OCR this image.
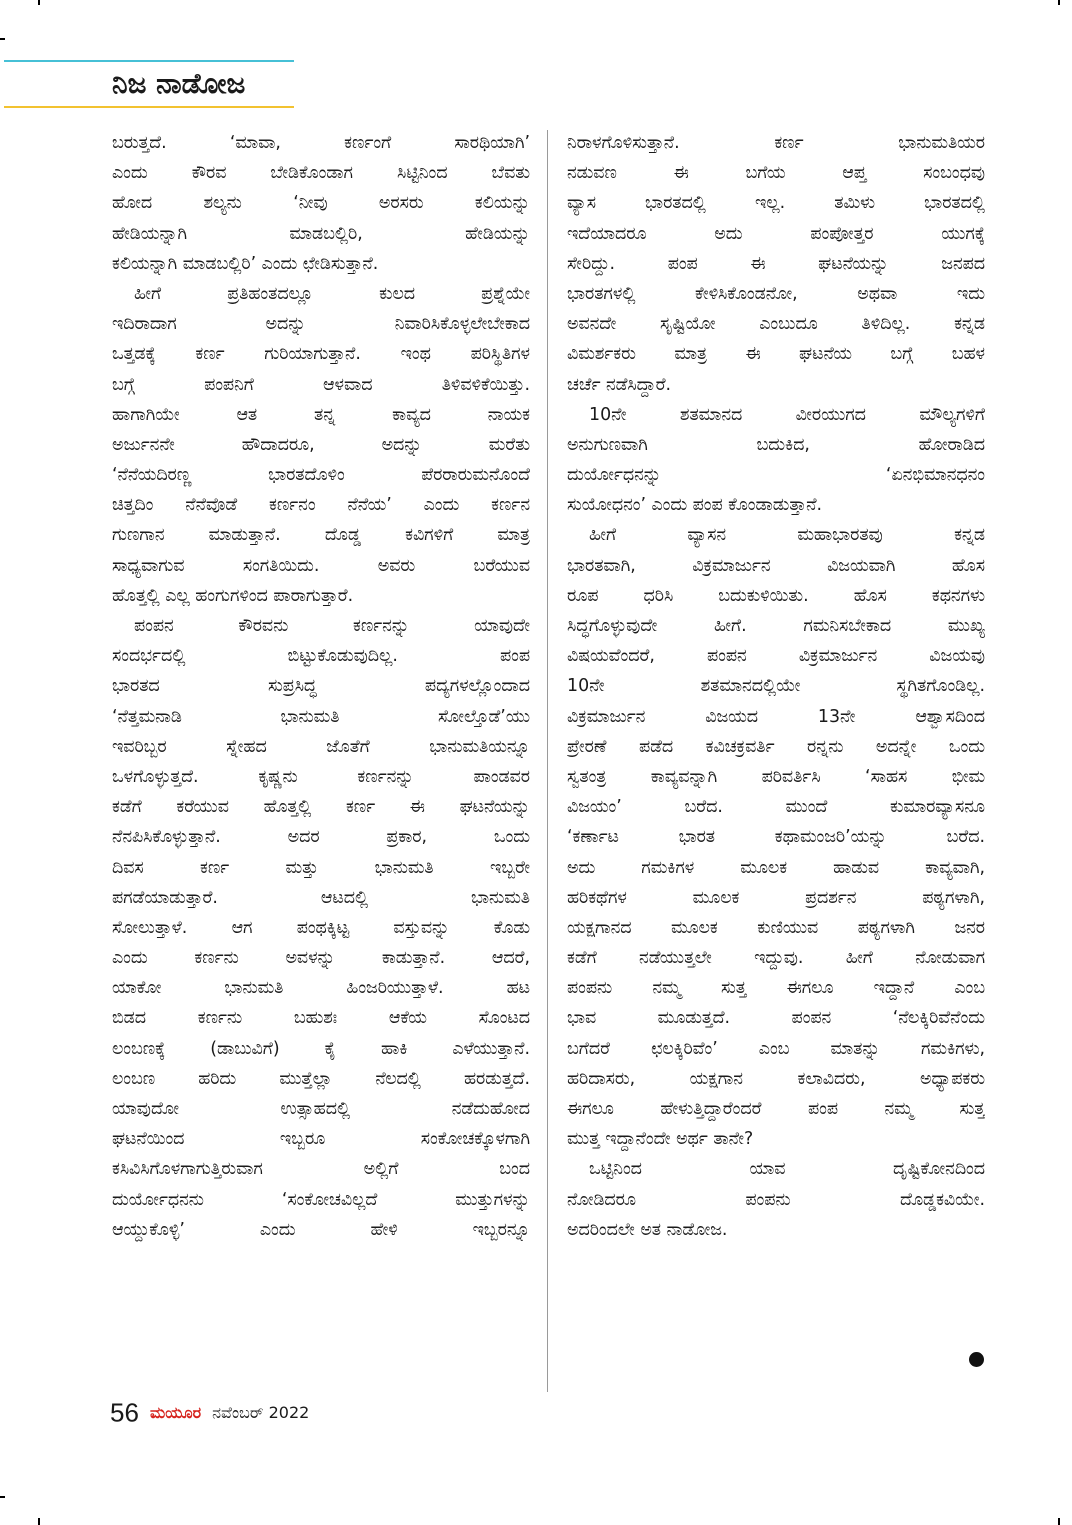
ನಿಜ ನಾಡೋಜ
ಬರುತ್ತದೆ. ‘ಮಾವಾ, ಕರ್ಣಂಗೆ ಸಾರಥಿಯಾಗಿ’
ಎಂದು ಕೌರವ ಬೇಡಿಕೊಂಡಾಗ ಸಿಟ್ಟಿನಿಂದ ಬೆವತು
ಹೋದ ಶಲ್ಯನು ‘ನೀವು ಅರಸರು ಕಲಿಯನ್ನು
ಹೇಡಿಯನ್ನಾಗಿ ಮಾಡಬಲ್ಲಿರಿ, ಹೇಡಿಯನ್ನು
ಕಲಿಯನ್ನಾಗಿ ಮಾಡಬಲ್ಲಿರಿ’ ಎಂದು ಛೇಡಿಸುತ್ತಾನೆ.
ಹೀಗೆ ಪ್ರತಿಹಂತದಲ್ಲೂ ಕುಲದ ಪ್ರಶ್ನೆಯೇ
ಇದಿರಾದಾಗ ಅದನ್ನು ನಿವಾರಿಸಿಕೊಳ್ಳಲೇಬೇಕಾದ
ಒತ್ತಡಕ್ಕೆ ಕರ್ಣ ಗುರಿಯಾಗುತ್ತಾನೆ. ಇಂಥ ಪರಿಸ್ಥಿತಿಗಳ
ಬಗ್ಗೆ ಪಂಪನಿಗೆ ಆಳವಾದ ತಿಳಿವಳಿಕೆಯಿತ್ತು.
ಹಾಗಾಗಿಯೇ ಆತ ತನ್ನ ಕಾವ್ಯದ ನಾಯಕ
ಅರ್ಜುನನೇ ಹೌದಾದರೂ, ಅದನ್ನು ಮರೆತು
‘ನೆನೆಯದಿರಣ್ಣ ಭಾರತದೊಳಿಂ ಪೆರರಾರುಮನೊಂದೆ
ಚಿತ್ತದಿಂ ನೆನೆವೊಡೆ ಕರ್ಣನಂ ನೆನೆಯ’ ಎಂದು ಕರ್ಣನ
ಗುಣಗಾನ ಮಾಡುತ್ತಾನೆ. ದೊಡ್ಡ ಕವಿಗಳಿಗೆ ಮಾತ್ರ
ಸಾಧ್ಯವಾಗುವ ಸಂಗತಿಯಿದು. ಅವರು ಬರೆಯುವ
ಹೊತ್ತಲ್ಲಿ ಎಲ್ಲ ಹಂಗುಗಳಿಂದ ಪಾರಾಗುತ್ತಾರೆ.
ಪಂಪನ ಕೌರವನು ಕರ್ಣನನ್ನು ಯಾವುದೇ
ಸಂದರ್ಭದಲ್ಲಿ ಬಿಟ್ಟುಕೊಡುವುದಿಲ್ಲ. ಪಂಪ
ಭಾರತದ ಸುಪ್ರಸಿದ್ಧ ಪದ್ಯಗಳಲ್ಲೊಂದಾದ
‘ನೆತ್ತಮನಾಡಿ ಭಾನುಮತಿ ಸೋಲ್ತೊಡೆ’ಯು
ಇವರಿಬ್ಬರ ಸ್ನೇಹದ ಜೊತೆಗೆ ಭಾನುಮತಿಯನ್ನೂ
ಒಳಗೊಳ್ಳುತ್ತದೆ. ಕೃಷ್ಣನು ಕರ್ಣನನ್ನು ಪಾಂಡವರ
ಕಡೆಗೆ ಕರೆಯುವ ಹೊತ್ತಲ್ಲಿ ಕರ್ಣ ಈ ಘಟನೆಯನ್ನು
ನೆನಪಿಸಿಕೊಳ್ಳುತ್ತಾನೆ. ಅದರ ಪ್ರಕಾರ, ಒಂದು
ದಿವಸ ಕರ್ಣ ಮತ್ತು ಭಾನುಮತಿ ಇಬ್ಬರೇ
ಪಗಡೆಯಾಡುತ್ತಾರೆ. ಆಟದಲ್ಲಿ ಭಾನುಮತಿ
ಸೋಲುತ್ತಾಳೆ. ಆಗ ಪಂಥಕ್ಕಿಟ್ಟ ವಸ್ತುವನ್ನು ಕೊಡು
ಎಂದು ಕರ್ಣನು ಅವಳನ್ನು ಕಾಡುತ್ತಾನೆ. ಆದರೆ,
ಯಾಕೋ ಭಾನುಮತಿ ಹಿಂಜರಿಯುತ್ತಾಳೆ. ಹಟ
ಬಿಡದ ಕರ್ಣನು ಬಹುಶಃ ಆಕೆಯ ಸೊಂಟದ
ಲಂಬಣಕ್ಕೆ (ಡಾಬುವಿಗೆ) ಕೈ ಹಾಕಿ ಎಳೆಯುತ್ತಾನೆ.
ಲಂಬಣ ಹರಿದು ಮುತ್ತೆಲ್ಲಾ ನೆಲದಲ್ಲಿ ಹರಡುತ್ತದೆ.
ಯಾವುದೋ ಉತ್ಸಾಹದಲ್ಲಿ ನಡೆದುಹೋದ
ಘಟನೆಯಿಂದ ಇಬ್ಬರೂ ಸಂಕೋಚಕ್ಕೊಳಗಾಗಿ
ಕಸಿವಿಸಿಗೊಳಗಾಗುತ್ತಿರುವಾಗ ಅಲ್ಲಿಗೆ ಬಂದ
ದುರ್ಯೋಧನನು ‘ಸಂಕೋಚವಿಲ್ಲದೆ ಮುತ್ತುಗಳನ್ನು
ಆಯ್ದುಕೊಳ್ಳಿ’ ಎಂದು ಹೇಳಿ ಇಬ್ಬರನ್ನೂ
ನಿರಾಳಗೊಳಿಸುತ್ತಾನೆ. ಕರ್ಣ ಭಾನುಮತಿಯರ
ನಡುವಣ ಈ ಬಗೆಯ ಆಪ್ತ ಸಂಬಂಧವು
ವ್ಯಾಸ ಭಾರತದಲ್ಲಿ ಇಲ್ಲ. ತಮಿಳು ಭಾರತದಲ್ಲಿ
ಇದೆಯಾದರೂ ಅದು ಪಂಪೋತ್ತರ ಯುಗಕ್ಕೆ
ಸೇರಿದ್ದು. ಪಂಪ ಈ ಘಟನೆಯನ್ನು ಜನಪದ
ಭಾರತಗಳಲ್ಲಿ ಕೇಳಿಸಿಕೊಂಡನೋ, ಅಥವಾ ಇದು
ಅವನದೇ ಸೃಷ್ಟಿಯೋ ಎಂಬುದೂ ತಿಳಿದಿಲ್ಲ. ಕನ್ನಡ
ವಿಮರ್ಶಕರು ಮಾತ್ರ ಈ ಘಟನೆಯ ಬಗ್ಗೆ ಬಹಳ
ಚರ್ಚೆ ನಡೆಸಿದ್ದಾರೆ.
10ನೇ ಶತಮಾನದ ವೀರಯುಗದ ಮೌಲ್ಯಗಳಿಗೆ
ಅನುಗುಣವಾಗಿ ಬದುಕಿದ, ಹೋರಾಡಿದ
ದುರ್ಯೋಧನನ್ನು ‘ಏನಭಿಮಾನಧನಂ
ಸುಯೋಧನಂ’ ಎಂದು ಪಂಪ ಕೊಂಡಾಡುತ್ತಾನೆ.
ಹೀಗೆ ವ್ಯಾಸನ ಮಹಾಭಾರತವು ಕನ್ನಡ
ಭಾರತವಾಗಿ, ವಿಕ್ರಮಾರ್ಜುನ ವಿಜಯವಾಗಿ ಹೊಸ
ರೂಪ ಧರಿಸಿ ಬದುಕುಳಿಯಿತು. ಹೊಸ ಕಥನಗಳು
ಸಿದ್ಧಗೊಳ್ಳುವುದೇ ಹೀಗೆ. ಗಮನಿಸಬೇಕಾದ ಮುಖ್ಯ
ವಿಷಯವೆಂದರೆ, ಪಂಪನ ವಿಕ್ರಮಾರ್ಜುನ ವಿಜಯವು
10ನೇ ಶತಮಾನದಲ್ಲಿಯೇ ಸ್ಥಗಿತಗೊಂಡಿಲ್ಲ.
ವಿಕ್ರಮಾರ್ಜುನ ವಿಜಯದ 13ನೇ ಆಶ್ವಾಸದಿಂದ
ಪ್ರೇರಣೆ ಪಡೆದ ಕವಿಚಕ್ರವರ್ತಿ ರನ್ನನು ಅದನ್ನೇ ಒಂದು
ಸ್ವತಂತ್ರ ಕಾವ್ಯವನ್ನಾಗಿ ಪರಿವರ್ತಿಸಿ ‘ಸಾಹಸ ಭೀಮ
ವಿಜಯಂ’ ಬರೆದ. ಮುಂದೆ ಕುಮಾರವ್ಯಾಸನೂ
‘ಕರ್ಣಾಟ ಭಾರತ ಕಥಾಮಂಜರಿ’ಯನ್ನು ಬರೆದ.
ಅದು ಗಮಕಿಗಳ ಮೂಲಕ ಹಾಡುವ ಕಾವ್ಯವಾಗಿ,
ಹರಿಕಥೆಗಳ ಮೂಲಕ ಪ್ರದರ್ಶನ ಪಠ್ಯಗಳಾಗಿ,
ಯಕ್ಷಗಾನದ ಮೂಲಕ ಕುಣಿಯುವ ಪಠ್ಯಗಳಾಗಿ ಜನರ
ಕಡೆಗೆ ನಡೆಯುತ್ತಲೇ ಇದ್ದುವು. ಹೀಗೆ ನೋಡುವಾಗ
ಪಂಪನು ನಮ್ಮ ಸುತ್ತ ಈಗಲೂ ಇದ್ದಾನೆ ಎಂಬ
ಭಾವ ಮೂಡುತ್ತದೆ. ಪಂಪನ ‘ನೆಲಕ್ಕಿರಿವೆನೆಂದು
ಬಗೆದರೆ ಛಲಕ್ಕಿರಿವೆಂ’ ಎಂಬ ಮಾತನ್ನು ಗಮಕಿಗಳು,
ಹರಿದಾಸರು, ಯಕ್ಷಗಾನ ಕಲಾವಿದರು, ಅಧ್ಯಾಪಕರು
ಈಗಲೂ ಹೇಳುತ್ತಿದ್ದಾರೆಂದರೆ ಪಂಪ ನಮ್ಮ ಸುತ್ತ
ಮುತ್ತ ಇದ್ದಾನೆಂದೇ ಅರ್ಥ ತಾನೇ?
ಒಟ್ಟಿನಿಂದ ಯಾವ ದೃಷ್ಟಿಕೋನದಿಂದ
ನೋಡಿದರೂ ಪಂಪನು ದೊಡ್ಡಕವಿಯೇ.
ಅದರಿಂದಲೇ ಅತ ನಾಡೋಜ.
56 ಮಯೂರ ನವೆಂಬರ್ 2022
